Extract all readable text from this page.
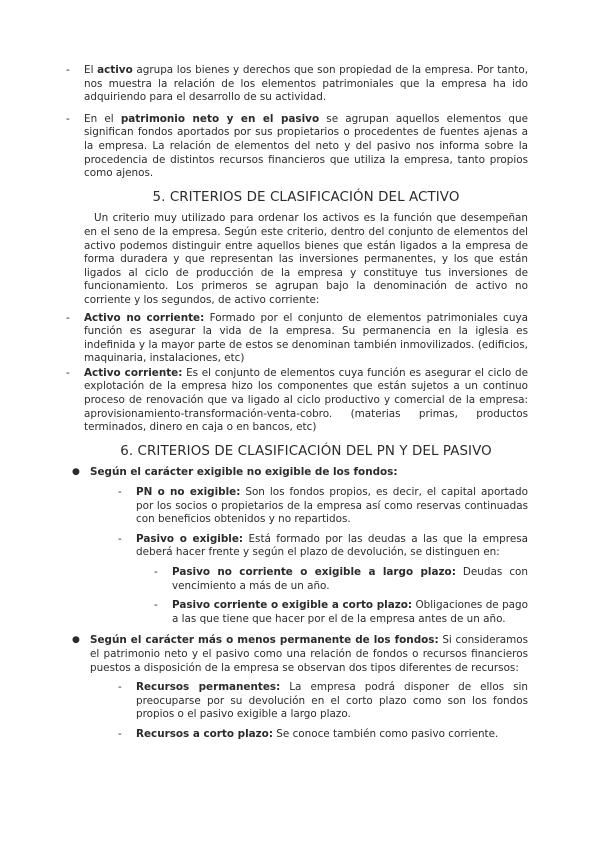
- El activo agrupa los bienes y derechos que son propiedad de la empresa. Por tanto, nos muestra la relación de los elementos patrimoniales que la empresa ha ido adquiriendo para el desarrollo de su actividad.
- En el patrimonio neto y en el pasivo se agrupan aquellos elementos que significan fondos aportados por sus propietarios o procedentes de fuentes ajenas a la empresa. La relación de elementos del neto y del pasivo nos informa sobre la procedencia de distintos recursos financieros que utiliza la empresa, tanto propios como ajenos.
5. CRITERIOS DE CLASIFICACIÓN DEL ACTIVO

Un criterio muy utilizado para ordenar los activos es la función que desempeñan en el seno de la empresa. Según este criterio, dentro del conjunto de elementos del activo podemos distinguir entre aquellos bienes que están ligados a la empresa de forma duradera y que representan las inversiones permanentes, y los que están ligados al ciclo de producción de la empresa y constituye tus inversiones de funcionamiento. Los primeros se agrupan bajo la denominación de activo no corriente y los segundos, de activo corriente:

- Activo no corriente: Formado por el conjunto de elementos patrimoniales cuya función es asegurar la vida de la empresa. Su permanencia en la iglesia es indefinida y la mayor parte de estos se denominan también inmovilizados. (edificios, maquinaria, instalaciones, etc)
- Activo corriente: Es el conjunto de elementos cuya función es asegurar el ciclo de explotación de la empresa hizo los componentes que están sujetos a un continuo proceso de renovación que va ligado al ciclo productivo y comercial de la empresa: aprovisionamiento-transformación-venta-cobro. (materias primas, productos terminados, dinero en caja o en bancos, etc)
6. CRITERIOS DE CLASIFICACIÓN DEL PN Y DEL PASIVO
● Según el carácter exigible no exigible de los fondos:
- PN o no exigible: Son los fondos propios, es decir, el capital aportado por los socios o propietarios de la empresa así como reservas continuadas con beneficios obtenidos y no repartidos.
- Pasivo o exigible: Está formado por las deudas a las que la empresa deberá hacer frente y según el plazo de devolución, se distinguen en:
- Pasivo no corriente o exigible a largo plazo: Deudas con vencimiento a más de un año.
- Pasivo corriente o exigible a corto plazo: Obligaciones de pago a las que tiene que hacer por el de la empresa antes de un año.
● Según el carácter más o menos permanente de los fondos: Si consideramos el patrimonio neto y el pasivo como una relación de fondos o recursos financieros puestos a disposición de la empresa se observan dos tipos diferentes de recursos:
- Recursos permanentes: La empresa podrá disponer de ellos sin preocuparse por su devolución en el corto plazo como son los fondos propios o el pasivo exigible a largo plazo.
- Recursos a corto plazo: Se conoce también como pasivo corriente.
